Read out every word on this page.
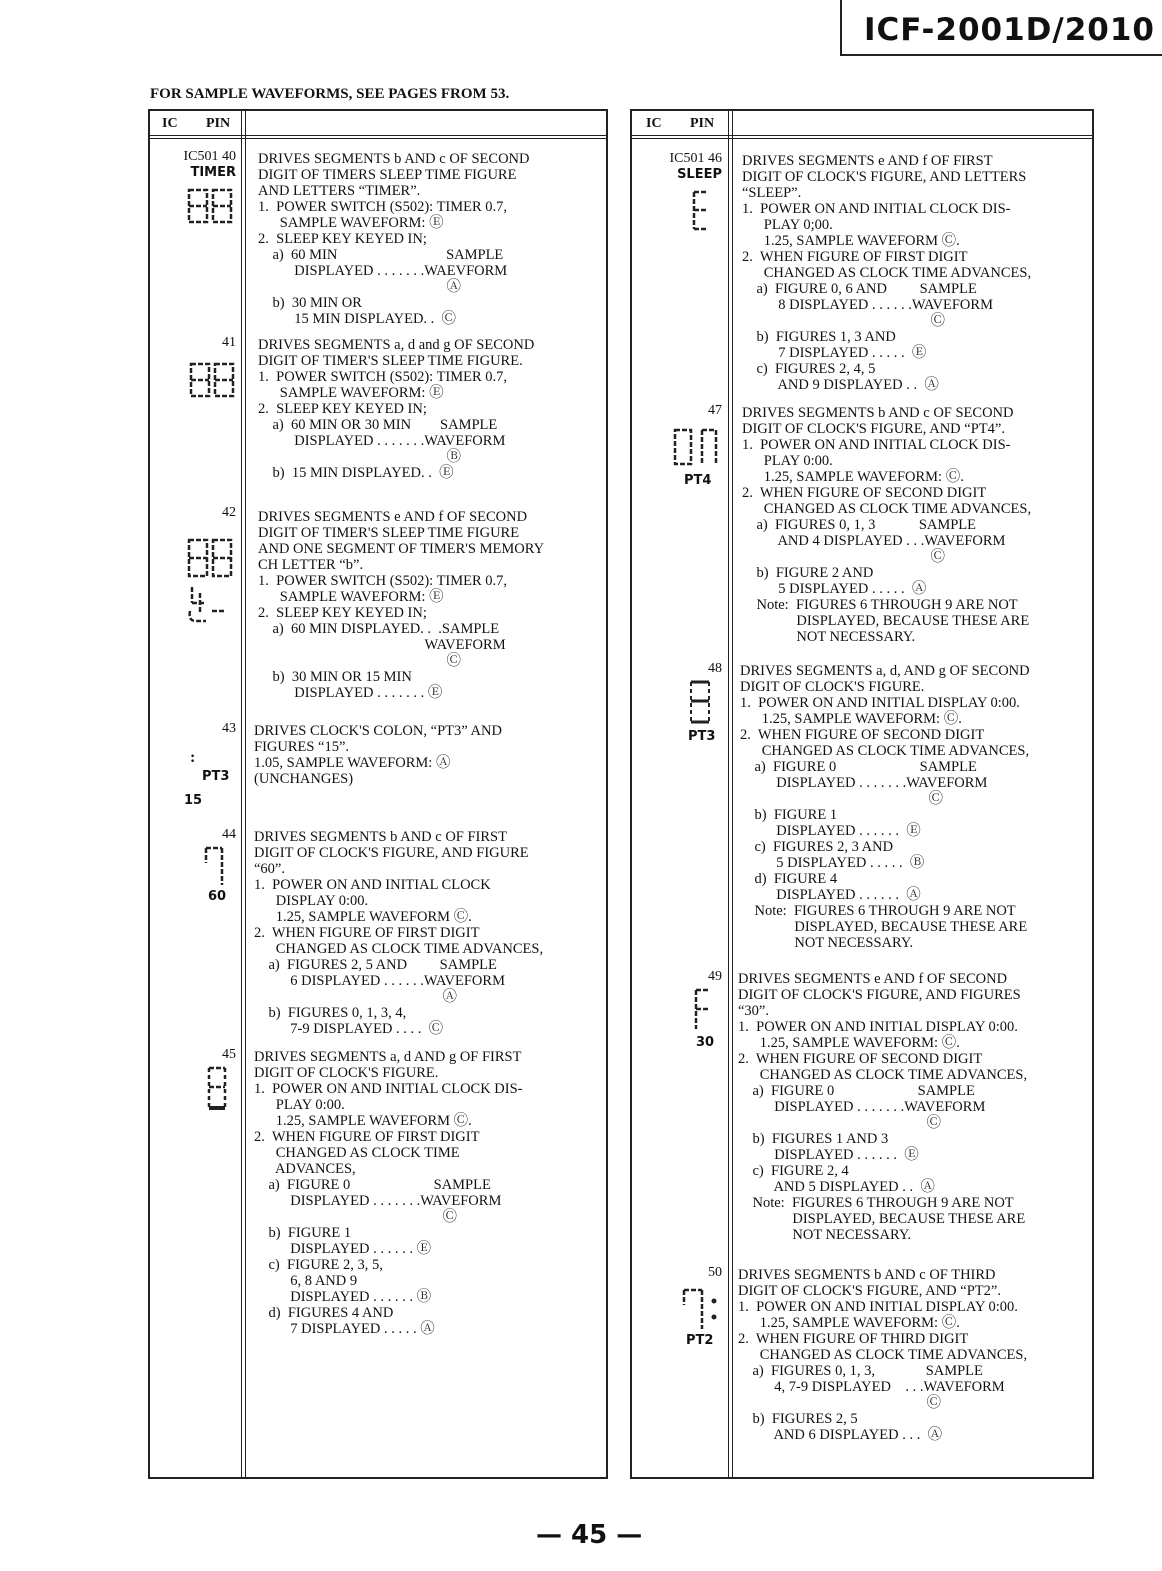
ICF-2001D/2010
FOR SAMPLE WAVEFORMS, SEE PAGES FROM 53.
IC PIN
IC501 40
TIMER
DRIVES SEGMENTS b AND c OF SECOND
DIGIT OF TIMERS SLEEP TIME FIGURE
AND LETTERS “TIMER”.
1.  POWER SWITCH (S502): TIMER 0.7,
SAMPLE WAVEFORM: Ⓔ
2.  SLEEP KEY KEYED IN;
a)  60 MIN                              SAMPLE
DISPLAYED . . . . . . .WAEVFORM
Ⓐ
b)  30 MIN OR
15 MIN DISPLAYED. .  Ⓒ
41 DRIVES SEGMENTS a, d and g OF SECOND
DIGIT OF TIMER'S SLEEP TIME FIGURE.
1.  POWER SWITCH (S502): TIMER 0.7,
SAMPLE WAVEFORM: Ⓔ
2.  SLEEP KEY KEYED IN;
a)  60 MIN OR 30 MIN        SAMPLE
DISPLAYED . . . . . . .WAVEFORM
Ⓑ
b)  15 MIN DISPLAYED. .  Ⓔ
42 DRIVES SEGMENTS e AND f OF SECOND
DIGIT OF TIMER'S SLEEP TIME FIGURE
AND ONE SEGMENT OF TIMER'S MEMORY
CH LETTER “b”.
1.  POWER SWITCH (S502): TIMER 0.7,
SAMPLE WAVEFORM: Ⓔ
2.  SLEEP KEY KEYED IN;
a)  60 MIN DISPLAYED. .  .SAMPLE
WAVEFORM
Ⓒ
b)  30 MIN OR 15 MIN
DISPLAYED . . . . . . . Ⓔ
43
:
PT3
15
DRIVES CLOCK'S COLON, “PT3” AND
FIGURES “15”.
1.05, SAMPLE WAVEFORM: Ⓐ
(UNCHANGES)
44
60
DRIVES SEGMENTS b AND c OF FIRST
DIGIT OF CLOCK'S FIGURE, AND FIGURE
“60”.
1.  POWER ON AND INITIAL CLOCK
DISPLAY 0:00.
1.25, SAMPLE WAVEFORM Ⓒ.
2.  WHEN FIGURE OF FIRST DIGIT
CHANGED AS CLOCK TIME ADVANCES,
a)  FIGURES 2, 5 AND         SAMPLE
6 DISPLAYED . . . . . .WAVEFORM
Ⓐ
b)  FIGURES 0, 1, 3, 4,
7-9 DISPLAYED . . . .  Ⓒ
45 DRIVES SEGMENTS a, d AND g OF FIRST
DIGIT OF CLOCK'S FIGURE.
1.  POWER ON AND INITIAL CLOCK DIS-
PLAY 0:00.
1.25, SAMPLE WAVEFORM Ⓒ.
2.  WHEN FIGURE OF FIRST DIGIT
CHANGED AS CLOCK TIME
ADVANCES,
a)  FIGURE 0                       SAMPLE
DISPLAYED . . . . . . .WAVEFORM
Ⓒ
b)  FIGURE 1
DISPLAYED . . . . . . Ⓔ
c)  FIGURE 2, 3, 5,
6, 8 AND 9
DISPLAYED . . . . . . Ⓑ
d)  FIGURES 4 AND
7 DISPLAYED . . . . . Ⓐ
IC PIN
IC501 46
SLEEP
DRIVES SEGMENTS e AND f OF FIRST
DIGIT OF CLOCK'S FIGURE, AND LETTERS
“SLEEP”.
1.  POWER ON AND INITIAL CLOCK DIS-
PLAY 0;00.
1.25, SAMPLE WAVEFORM Ⓒ.
2.  WHEN FIGURE OF FIRST DIGIT
CHANGED AS CLOCK TIME ADVANCES,
a)  FIGURE 0, 6 AND         SAMPLE
8 DISPLAYED . . . . . .WAVEFORM
Ⓒ
b)  FIGURES 1, 3 AND
7 DISPLAYED . . . . .  Ⓔ
c)  FIGURES 2, 4, 5
AND 9 DISPLAYED . .  Ⓐ
47
PT4
DRIVES SEGMENTS b AND c OF SECOND
DIGIT OF CLOCK'S FIGURE, AND “PT4”.
1.  POWER ON AND INITIAL CLOCK DIS-
PLAY 0:00.
1.25, SAMPLE WAVEFORM: Ⓒ.
2.  WHEN FIGURE OF SECOND DIGIT
CHANGED AS CLOCK TIME ADVANCES,
a)  FIGURES 0, 1, 3            SAMPLE
AND 4 DISPLAYED . . .WAVEFORM
Ⓒ
b)  FIGURE 2 AND
5 DISPLAYED . . . . .  Ⓐ
Note:  FIGURES 6 THROUGH 9 ARE NOT
DISPLAYED, BECAUSE THESE ARE
NOT NECESSARY.
48
PT3
DRIVES SEGMENTS a, d, AND g OF SECOND
DIGIT OF CLOCK'S FIGURE.
1.  POWER ON AND INITIAL DISPLAY 0:00.
1.25, SAMPLE WAVEFORM: Ⓒ.
2.  WHEN FIGURE OF SECOND DIGIT
CHANGED AS CLOCK TIME ADVANCES,
a)  FIGURE 0                       SAMPLE
DISPLAYED . . . . . . .WAVEFORM
Ⓒ
b)  FIGURE 1
DISPLAYED . . . . . .  Ⓔ
c)  FIGURES 2, 3 AND
5 DISPLAYED . . . . .  Ⓑ
d)  FIGURE 4
DISPLAYED . . . . . .  Ⓐ
Note:  FIGURES 6 THROUGH 9 ARE NOT
DISPLAYED, BECAUSE THESE ARE
NOT NECESSARY.
49
30
DRIVES SEGMENTS e AND f OF SECOND
DIGIT OF CLOCK'S FIGURE, AND FIGURES
“30”.
1.  POWER ON AND INITIAL DISPLAY 0:00.
1.25, SAMPLE WAVEFORM: Ⓒ.
2.  WHEN FIGURE OF SECOND DIGIT
CHANGED AS CLOCK TIME ADVANCES,
a)  FIGURE 0                       SAMPLE
DISPLAYED . . . . . . .WAVEFORM
Ⓒ
b)  FIGURES 1 AND 3
DISPLAYED . . . . . .  Ⓔ
c)  FIGURE 2, 4
AND 5 DISPLAYED . .  Ⓐ
Note:  FIGURES 6 THROUGH 9 ARE NOT
DISPLAYED, BECAUSE THESE ARE
NOT NECESSARY.
50
PT2
DRIVES SEGMENTS b AND c OF THIRD
DIGIT OF CLOCK'S FIGURE, AND “PT2”.
1.  POWER ON AND INITIAL DISPLAY 0:00.
1.25, SAMPLE WAVEFORM: Ⓒ.
2.  WHEN FIGURE OF THIRD DIGIT
CHANGED AS CLOCK TIME ADVANCES,
a)  FIGURES 0, 1, 3,              SAMPLE
4, 7-9 DISPLAYED    . . .WAVEFORM
Ⓒ
b)  FIGURES 2, 5
AND 6 DISPLAYED . . .  Ⓐ
— 45 —
